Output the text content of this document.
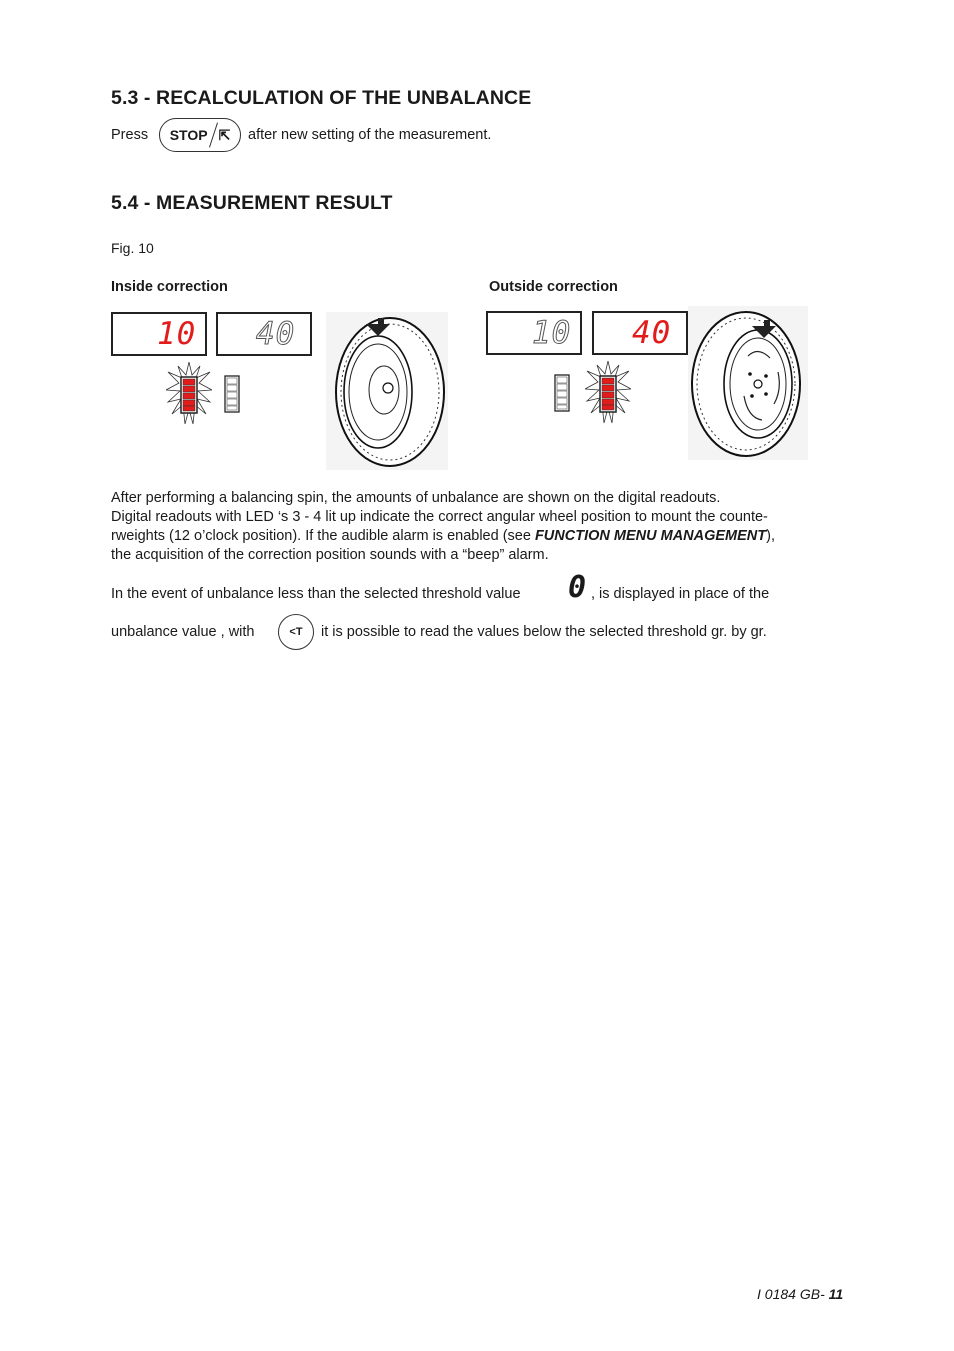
5.3 - RECALCULATION OF THE UNBALANCE
Press STOP ⇱ after new setting of the measurement.
5.4 - MEASUREMENT RESULT
Fig. 10
Inside correction	Outside correction
10 40	10 40
After performing a balancing spin, the amounts of unbalance are shown on the digital readouts.
Digital readouts with LED ‘s 3 - 4 lit up indicate the correct angular wheel position to mount the counte-
rweights (12 o’clock position). If the audible alarm is enabled (see FUNCTION MENU MANAGEMENT),
the acquisition of the correction position sounds with a “beep” alarm.
In the event of unbalance less than the selected threshold value 0 , is displayed in place of the
unbalance value , with	<T it is possible to read the values below the selected threshold gr. by gr.
I 0184 GB- 11
